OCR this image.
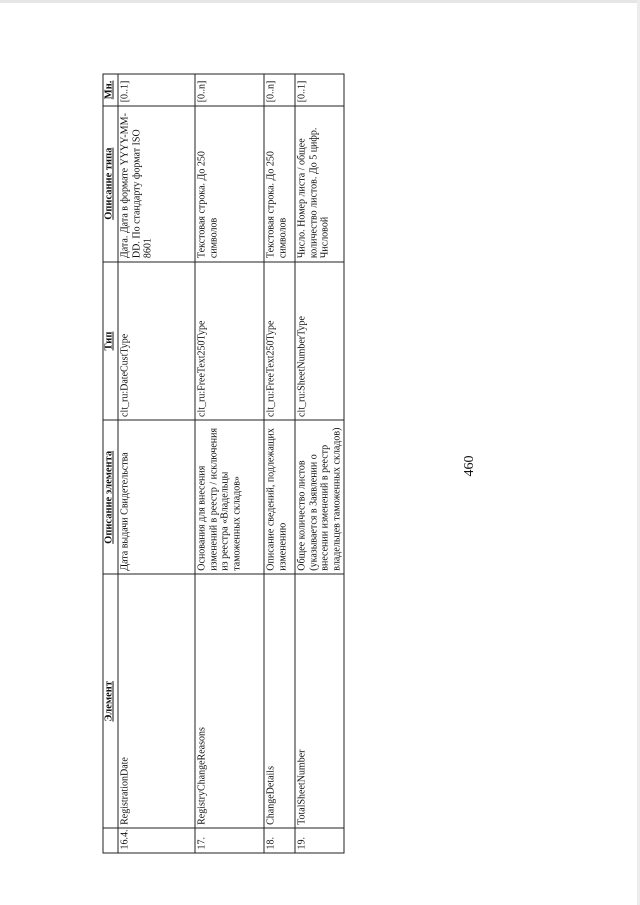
460
	Элемент	Описание элемента	Тип	Описание типа	Мн.
16.4.	RegistrationDate	Дата выдачи Свидетельства	clt_ru:DateCustType	Дата. Дата в формате YYYY-MM-DD. По стандарту формат ISO 8601	[0..1]
17.	RegistryChangeReasons	Основания для внесения изменений в реестр / исключения из реестра «Владельцы таможенных складов»	clt_ru:FreeText250Type	Текстовая строка. До 250 символов	[0..n]
18.	ChangeDetails	Описание сведений, подлежащих изменению	clt_ru:FreeText250Type	Текстовая строка. До 250 символов	[0..n]
19.	TotalSheetNumber	Общее количество листов (указывается в Заявлении о внесении изменений в реестр владельцев таможенных складов)	clt_ru:SheetNumberType	Число. Номер листа / общее количество листов. До 5 цифр. Числовой	[0..1]
